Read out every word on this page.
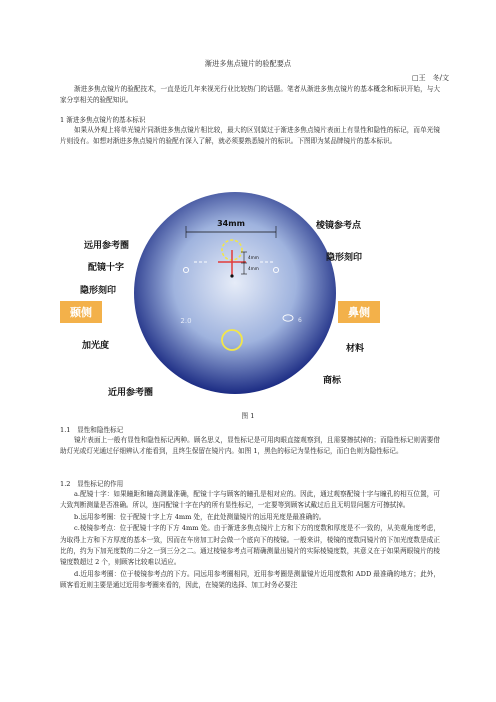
渐进多焦点镜片的验配要点
□王　冬/文
渐进多焦点镜片的验配技术，一直是近几年来视光行业比较热门的话题。笔者从渐进多焦点镜片的基本概念和标识开始，与大家分享相关的验配知识。
1 渐进多焦点镜片的基本标识
如果从外观上将单光镜片同渐进多焦点镜片相比较，最大的区别莫过于渐进多焦点镜片表面上有显性和隐性的标记，而单光镜片则没有。如想对渐进多焦点镜片的验配有深入了解，就必须要熟悉镜片的标识。下图即为某品牌镜片的基本标识。
34mm
4mm
4mm
2.0	6
颞侧	鼻侧
远用参考圈
配镜十字
隐形刻印
加光度
近用参考圈
棱镜参考点
隐形刻印
材料
商标
图 1
1.1　显性和隐性标记
镜片表面上一般有显性和隐性标记两种。顾名思义，显性标记是可用肉眼直接观察到，且需要擦拭掉的；而隐性标记则需要借助灯光或灯光通过仔细辨认才能看到，且终生保留在镜片内。如图 1，黑色的标记为显性标记，而白色则为隐性标记。
1.2　显性标记的作用
a.配镜十字：如果瞳距和瞳高测量准确，配镜十字与顾客的瞳孔是相对应的。因此，通过观察配镜十字与瞳孔的相互位置，可大致判断测量是否准确。所以，连同配镜十字在内的所有显性标记，一定要等到顾客试戴过后且无明显问题方可擦拭掉。
b.远用参考圈：位于配镜十字上方 4mm 处，在此处测量镜片的远用光度是最准确的。
c.棱镜参考点：位于配镜十字的下方 4mm 处。由于渐进多焦点镜片上方和下方的度数和厚度是不一致的，从美观角度考虑，为取得上方和下方厚度的基本一致，因而在车房加工时会做一个底向下的棱镜。一般来讲，棱镜的度数同镜片的下加光度数是成正比的，约为下加光度数的二分之一到三分之二。通过棱镜参考点可精确测量出镜片的实际棱镜度数，其意义在于如果两眼镜片的棱镜度数超过 2 个，则顾客比较难以适应。
d.近用参考圈：位于棱镜参考点的下方。同远用参考圈相同，近用参考圈是测量镜片近用度数和 ADD 最准确的地方；此外，顾客看近则主要是通过近用参考圈来看的，因此，在镜架的选择、加工时务必要注
